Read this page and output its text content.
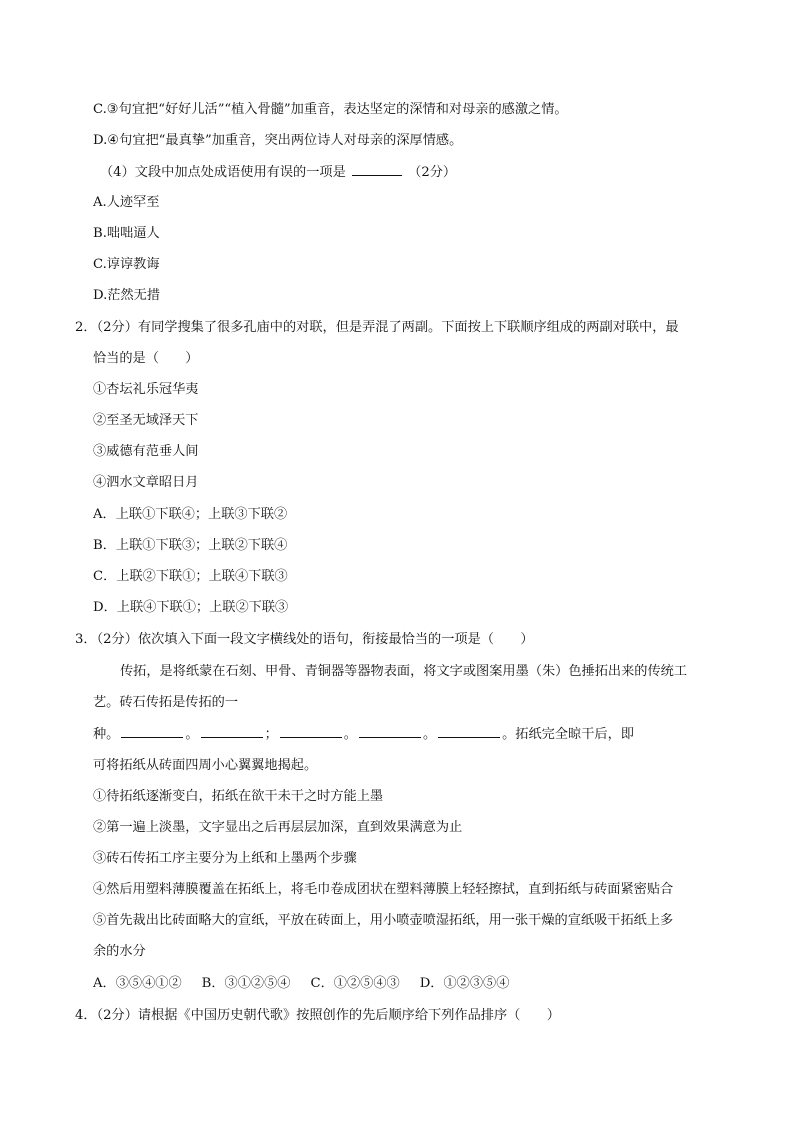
C.③句宜把“好好儿活”“植入骨髓”加重音，表达坚定的深情和对母亲的感激之情。
D.④句宜把“最真挚”加重音，突出两位诗人对母亲的深厚情感。
（4）文段中加点处成语使用有误的一项是	（2分）
A.人迹罕至
B.咄咄逼人
C.谆谆教诲
D.茫然无措
2．（2分）有同学搜集了很多孔庙中的对联，但是弄混了两副。下面按上下联顺序组成的两副对联中，最
恰当的是（　　）
①杏坛礼乐冠华夷
②至圣无域泽天下
③威德有范垂人间
④泗水文章昭日月
A．上联①下联④；上联③下联②
B．上联①下联③；上联②下联④
C．上联②下联①；上联④下联③
D．上联④下联①；上联②下联③
3．（2分）依次填入下面一段文字横线处的语句，衔接最恰当的一项是（　　）
传拓，是将纸蒙在石刻、甲骨、青铜器等器物表面，将文字或图案用墨（朱）色捶拓出来的传统工
艺。砖石传拓是传拓的一
种。	。	；	。	。	。拓纸完全晾干后，即
可将拓纸从砖面四周小心翼翼地揭起。
①待拓纸逐渐变白，拓纸在欲干未干之时方能上墨
②第一遍上淡墨，文字显出之后再层层加深，直到效果满意为止
③砖石传拓工序主要分为上纸和上墨两个步骤
④然后用塑料薄膜覆盖在拓纸上，将毛巾卷成团状在塑料薄膜上轻轻擦拭，直到拓纸与砖面紧密贴合
⑤首先裁出比砖面略大的宣纸，平放在砖面上，用小喷壶喷湿拓纸，用一张干燥的宣纸吸干拓纸上多
余的水分
A．③⑤④①② B．③①②⑤④ C．①②⑤④③ D．①②③⑤④
4．（2分）请根据《中国历史朝代歌》按照创作的先后顺序给下列作品排序（　　）
